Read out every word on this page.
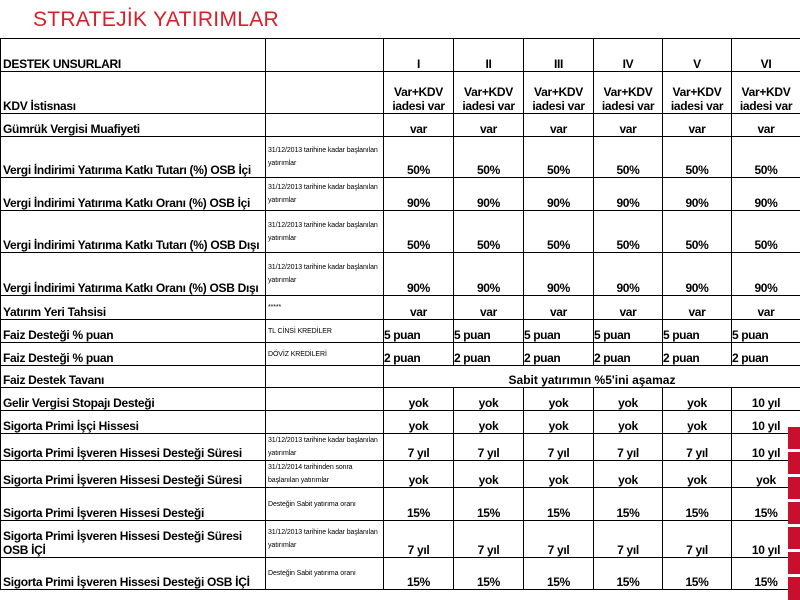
STRATEJİK YATIRIMLAR
DESTEK UNSURLARI		I	II	III	IV	V	VI
KDV İstisnası		Var+KDV iadesi var	Var+KDV iadesi var	Var+KDV iadesi var	Var+KDV iadesi var	Var+KDV iadesi var	Var+KDV iadesi var
Gümrük Vergisi Muafiyeti		var	var	var	var	var	var
Vergi İndirimi Yatırıma Katkı Tutarı (%) OSB İçi	31/12/2013 tarihine kadar başlanılan yatırımlar	50%	50%	50%	50%	50%	50%
Vergi İndirimi Yatırıma Katkı Oranı (%) OSB İçi	31/12/2013 tarihine kadar başlanılan yatırımlar	90%	90%	90%	90%	90%	90%
Vergi İndirimi Yatırıma Katkı Tutarı (%) OSB Dışı	31/12/2013 tarihine kadar başlanılan yatırımlar	50%	50%	50%	50%	50%	50%
Vergi İndirimi Yatırıma Katkı Oranı (%) OSB Dışı	31/12/2013 tarihine kadar başlanılan yatırımlar	90%	90%	90%	90%	90%	90%
Yatırım Yeri Tahsisi	*****	var	var	var	var	var	var
Faiz Desteği % puan	TL CİNSİ KREDİLER	5 puan	5 puan	5 puan	5 puan	5 puan	5 puan
Faiz Desteği % puan	DÖVİZ KREDİLERİ	2 puan	2 puan	2 puan	2 puan	2 puan	2 puan
Faiz Destek Tavanı		Sabit yatırımın %5'ini aşamaz					
Gelir Vergisi Stopajı Desteği		yok	yok	yok	yok	yok	10 yıl
Sigorta Primi İşçi Hissesi		yok	yok	yok	yok	yok	10 yıl
Sigorta Primi İşveren Hissesi Desteği Süresi	31/12/2013 tarihine kadar başlanılan yatırımlar	7 yıl	7 yıl	7 yıl	7 yıl	7 yıl	10 yıl
Sigorta Primi İşveren Hissesi Desteği Süresi	31/12/2014 tarihinden sonra başlanılan yatırımlar	yok	yok	yok	yok	yok	yok
Sigorta Primi İşveren Hissesi Desteği	Desteğin Sabit yatırıma oranı	15%	15%	15%	15%	15%	15%
Sigorta Primi İşveren Hissesi Desteği Süresi OSB İÇİ	31/12/2013 tarihine kadar başlanılan yatırımlar	7 yıl	7 yıl	7 yıl	7 yıl	7 yıl	10 yıl
Sigorta Primi İşveren Hissesi Desteği OSB İÇİ	Desteğin Sabit yatırıma oranı	15%	15%	15%	15%	15%	15%
